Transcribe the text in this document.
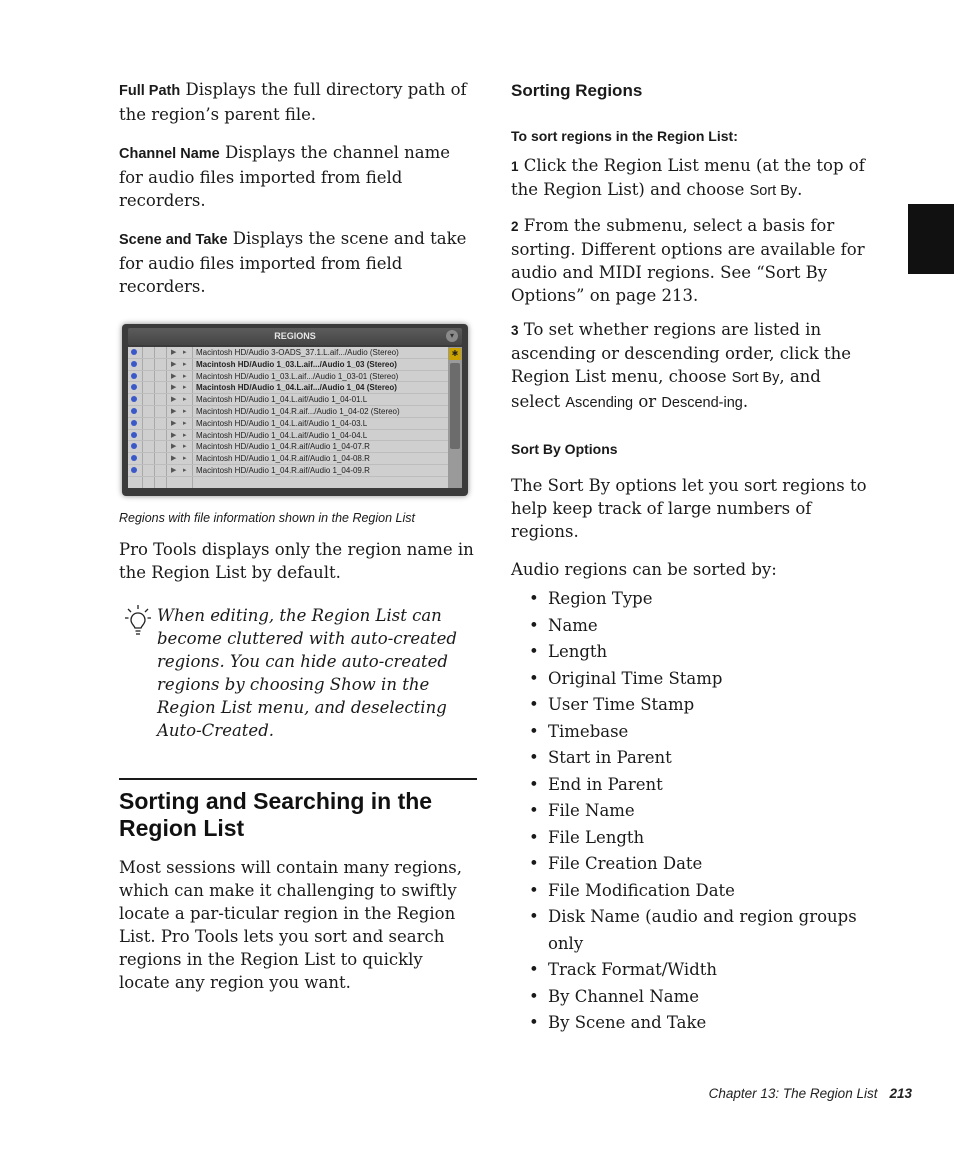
Full Path Displays the full directory path of the region’s parent file.

Channel Name Displays the channel name for audio files imported from field recorders.

Scene and Take Displays the scene and take for audio files imported from field recorders.

REGIONS	▾
▶ ▸ Macintosh HD/Audio 3-OADS_37.1.L.aif.../Audio (Stereo)
▶ ▸ Macintosh HD/Audio 1_03.L.aif.../Audio 1_03 (Stereo)
▶ ▸ Macintosh HD/Audio 1_03.L.aif.../Audio 1_03-01 (Stereo)
▶ ▸ Macintosh HD/Audio 1_04.L.aif.../Audio 1_04 (Stereo)
▶ ▸ Macintosh HD/Audio 1_04.L.aif/Audio 1_04-01.L
▶ ▸ Macintosh HD/Audio 1_04.R.aif.../Audio 1_04-02 (Stereo)
▶ ▸ Macintosh HD/Audio 1_04.L.aif/Audio 1_04-03.L
▶ ▸ Macintosh HD/Audio 1_04.L.aif/Audio 1_04-04.L
▶ ▸ Macintosh HD/Audio 1_04.R.aif/Audio 1_04-07.R
▶ ▸ Macintosh HD/Audio 1_04.R.aif/Audio 1_04-08.R
▶ ▸ Macintosh HD/Audio 1_04.R.aif/Audio 1_04-09.R
✱

Regions with file information shown in the Region List

Pro Tools displays only the region name in the Region List by default.

When editing, the Region List can become cluttered with auto-created regions. You can hide auto-created regions by choosing Show in the Region List menu, and deselecting Auto-Created.

Sorting and Searching in the Region List

Most sessions will contain many regions, which can make it challenging to swiftly locate a par-ticular region in the Region List. Pro Tools lets you sort and search regions in the Region List to quickly locate any region you want.

Sorting Regions
To sort regions in the Region List:

1 Click the Region List menu (at the top of the Region List) and choose Sort By.

2 From the submenu, select a basis for sorting. Different options are available for audio and MIDI regions. See “Sort By Options” on page 213.

3 To set whether regions are listed in ascending or descending order, click the Region List menu, choose Sort By, and select Ascending or Descend-ing.

Sort By Options

The Sort By options let you sort regions to help keep track of large numbers of regions.

Audio regions can be sorted by:

• Region Type
• Name
• Length
• Original Time Stamp
• User Time Stamp
• Timebase
• Start in Parent
• End in Parent
• File Name
• File Length
• File Creation Date
• File Modification Date
• Disk Name (audio and region groups only
• Track Format/Width
• By Channel Name
• By Scene and Take
Chapter 13: The Region List 213
